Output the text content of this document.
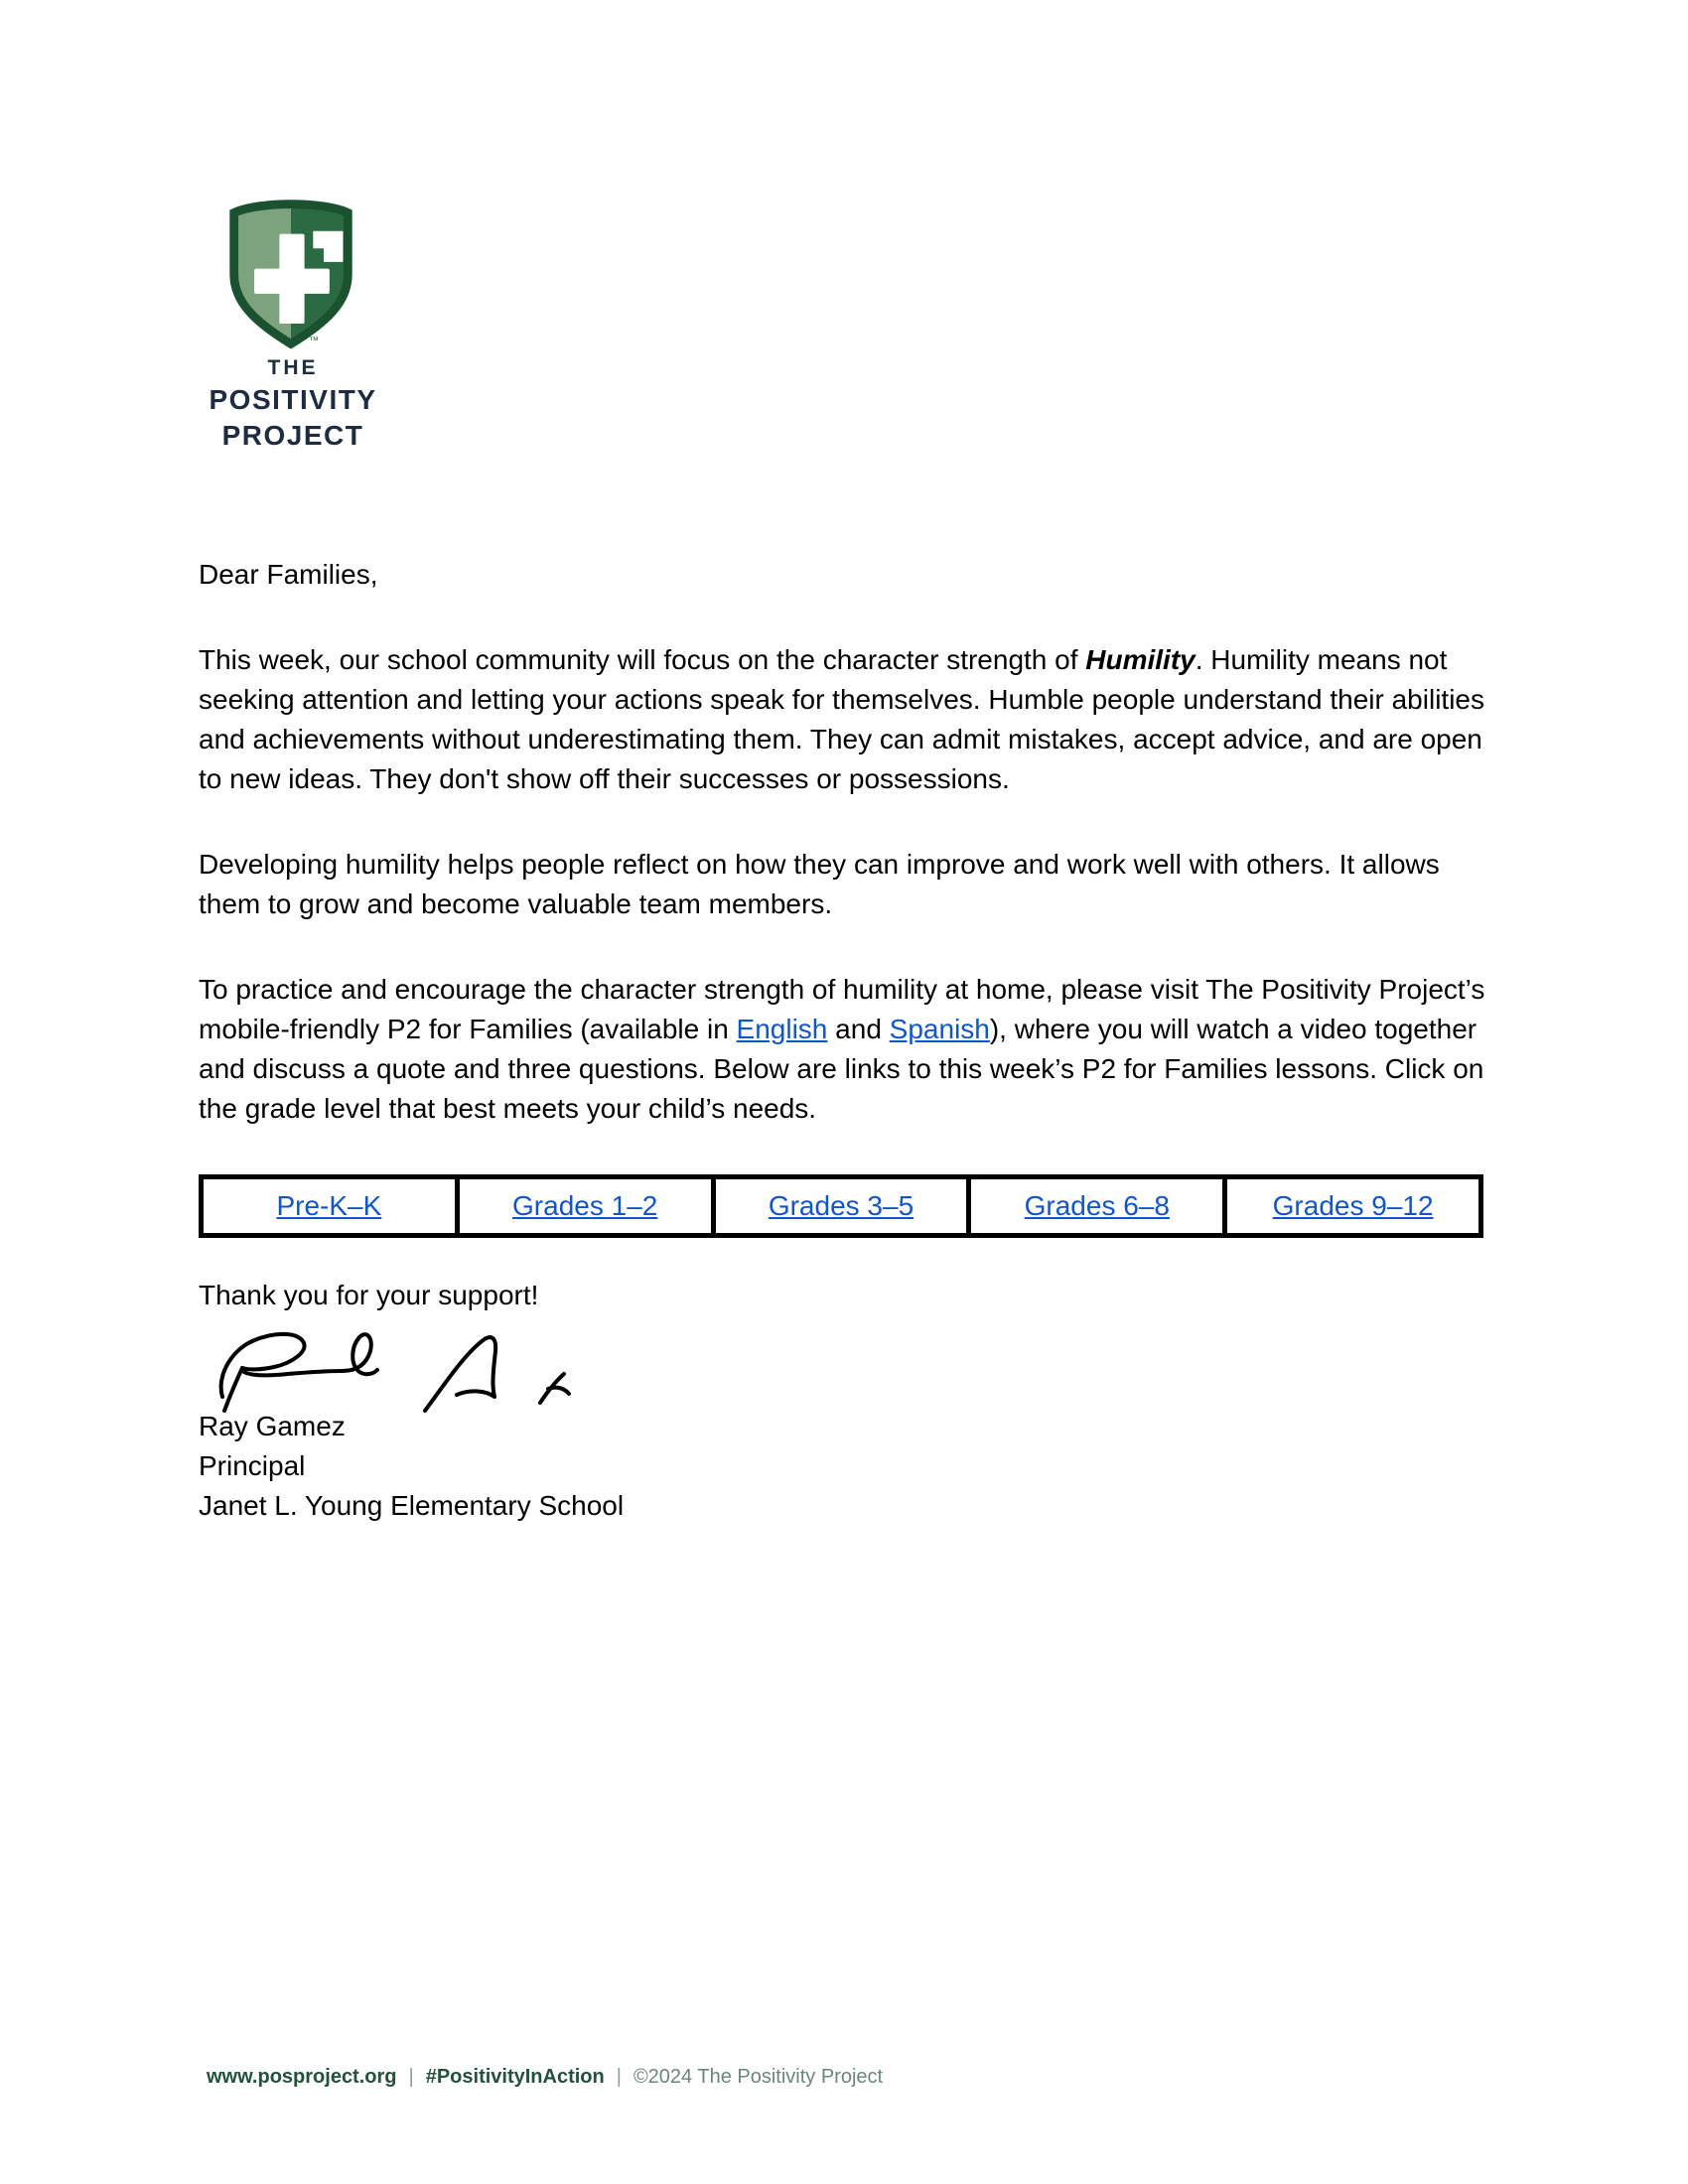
™
THE
POSITIVITY
PROJECT

Dear Families,

This week, our school community will focus on the character strength of Humility. Humility means not seeking attention and letting your actions speak for themselves. Humble people understand their abilities and achievements without underestimating them. They can admit mistakes, accept advice, and are open to new ideas. They don't show off their successes or possessions.

Developing humility helps people reflect on how they can improve and work well with others. It allows them to grow and become valuable team members.

To practice and encourage the character strength of humility at home, please visit The Positivity Project’s mobile-friendly P2 for Families (available in English and Spanish), where you will watch a video together and discuss a quote and three questions. Below are links to this week’s P2 for Families lessons. Click on the grade level that best meets your child’s needs.

Pre-K–K	Grades 1–2	Grades 3–5	Grades 6–8	Grades 9–12

Thank you for your support!

Ray Gamez

Principal

Janet L. Young Elementary School

www.posproject.org | #PositivityInAction | ©2024 The Positivity Project
